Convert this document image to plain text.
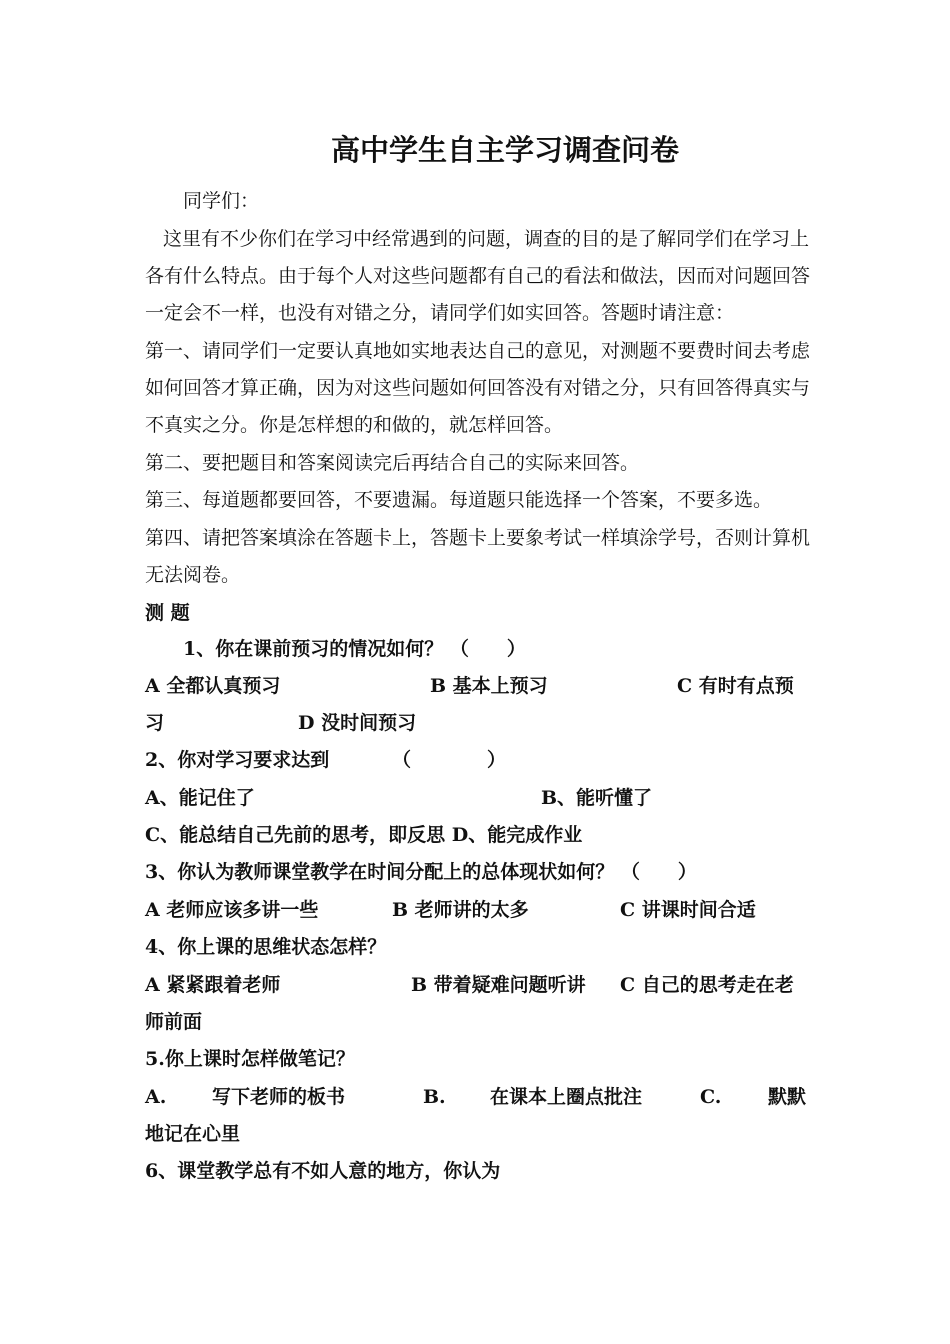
高中学生自主学习调查问卷
同学们：
这里有不少你们在学习中经常遇到的问题，调查的目的是了解同学们在学习上
各有什么特点。由于每个人对这些问题都有自己的看法和做法，因而对问题回答
一定会不一样，也没有对错之分，请同学们如实回答。答题时请注意：
第一、请同学们一定要认真地如实地表达自己的意见，对测题不要费时间去考虑
如何回答才算正确，因为对这些问题如何回答没有对错之分，只有回答得真实与
不真实之分。你是怎样想的和做的，就怎样回答。
第二、要把题目和答案阅读完后再结合自己的实际来回答。
第三、每道题都要回答，不要遗漏。每道题只能选择一个答案，不要多选。
第四、请把答案填涂在答题卡上，答题卡上要象考试一样填涂学号，否则计算机
无法阅卷。
测 题
1、你在课前预习的情况如何？ （　　）
A 全都认真预习	B 基本上预习	C 有时有点预
习	D 没时间预习
2、你对学习要求达到	（　　　　）
A、能记住了	B、能听懂了
C、能总结自己先前的思考，即反思 D、能完成作业
3、你认为教师课堂教学在时间分配上的总体现状如何？ （　　）
A 老师应该多讲一些	B 老师讲的太多	C 讲课时间合适
4、你上课的思维状态怎样？
A 紧紧跟着老师	B 带着疑难问题听讲 C 自己的思考走在老
师前面
5.你上课时怎样做笔记？
A. 写下老师的板书	B. 在课本上圈点批注	C. 默默
地记在心里
6、课堂教学总有不如人意的地方，你认为
